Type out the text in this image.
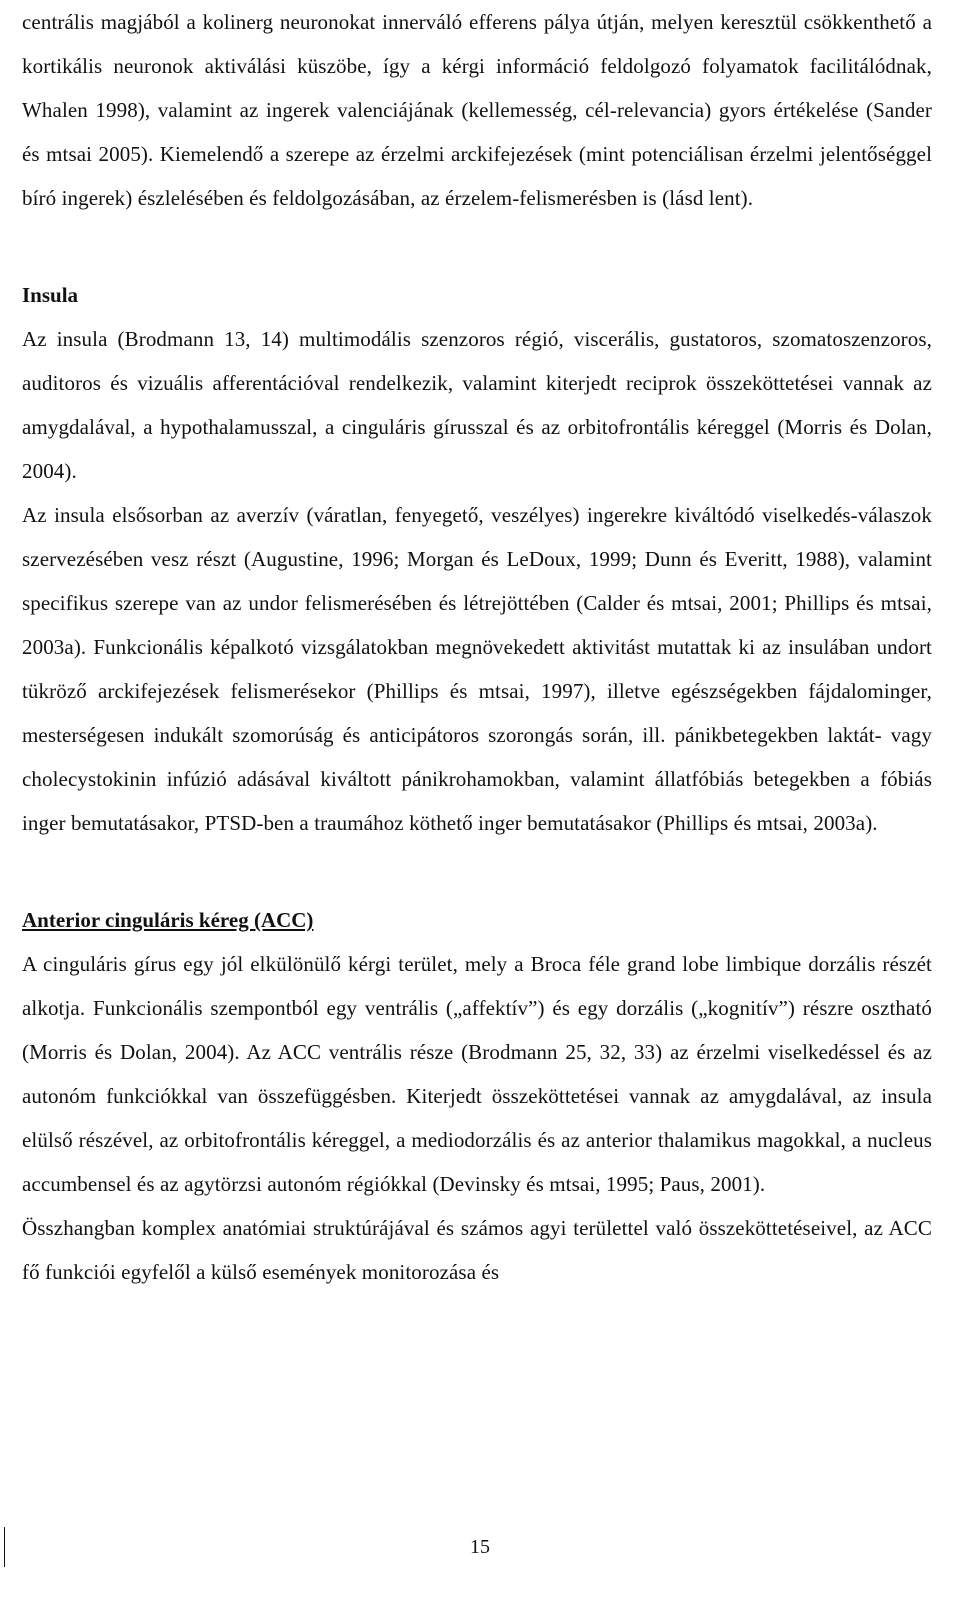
centrális magjából a kolinerg neuronokat innerváló efferens pálya útján, melyen keresztül csökkenthető a kortikális neuronok aktiválási küszöbe, így a kérgi információ feldolgozó folyamatok facilitálódnak, Whalen 1998), valamint az ingerek valenciájának (kellemesség, cél-relevancia) gyors értékelése (Sander és mtsai 2005). Kiemelendő a szerepe az érzelmi arckifejezések (mint potenciálisan érzelmi jelentőséggel bíró ingerek) észlelésében és feldolgozásában, az érzelem-felismerésben is (lásd lent).

Insula

Az insula (Brodmann 13, 14) multimodális szenzoros régió, viscerális, gustatoros, szomatoszenzoros, auditoros és vizuális afferentációval rendelkezik, valamint kiterjedt reciprok összeköttetései vannak az amygdalával, a hypothalamusszal, a cinguláris gírusszal és az orbitofrontális kéreggel (Morris és Dolan, 2004).

Az insula elsősorban az averzív (váratlan, fenyegető, veszélyes) ingerekre kiváltódó viselkedés-válaszok szervezésében vesz részt (Augustine, 1996; Morgan és LeDoux, 1999; Dunn és Everitt, 1988), valamint specifikus szerepe van az undor felismerésében és létrejöttében (Calder és mtsai, 2001; Phillips és mtsai, 2003a). Funkcionális képalkotó vizsgálatokban megnövekedett aktivitást mutattak ki az insulában undort tükröző arckifejezések felismerésekor (Phillips és mtsai, 1997), illetve egészségekben fájdalominger, mesterségesen indukált szomorúság és anticipátoros szorongás során, ill. pánikbetegekben laktát- vagy cholecystokinin infúzió adásával kiváltott pánikrohamokban, valamint állatfóbiás betegekben a fóbiás inger bemutatásakor, PTSD-ben a traumához köthető inger bemutatásakor (Phillips és mtsai, 2003a).

Anterior cinguláris kéreg (ACC)

A cinguláris gírus egy jól elkülönülő kérgi terület, mely a Broca féle grand lobe limbique dorzális részét alkotja. Funkcionális szempontból egy ventrális („affektív”) és egy dorzális („kognitív”) részre osztható (Morris és Dolan, 2004). Az ACC ventrális része (Brodmann 25, 32, 33) az érzelmi viselkedéssel és az autonóm funkciókkal van összefüggésben. Kiterjedt összeköttetései vannak az amygdalával, az insula elülső részével, az orbitofrontális kéreggel, a mediodorzális és az anterior thalamikus magokkal, a nucleus accumbensel és az agytörzsi autonóm régiókkal (Devinsky és mtsai, 1995; Paus, 2001).

Összhangban komplex anatómiai struktúrájával és számos agyi területtel való összeköttetéseivel, az ACC fő funkciói egyfelől a külső események monitorozása és

15
